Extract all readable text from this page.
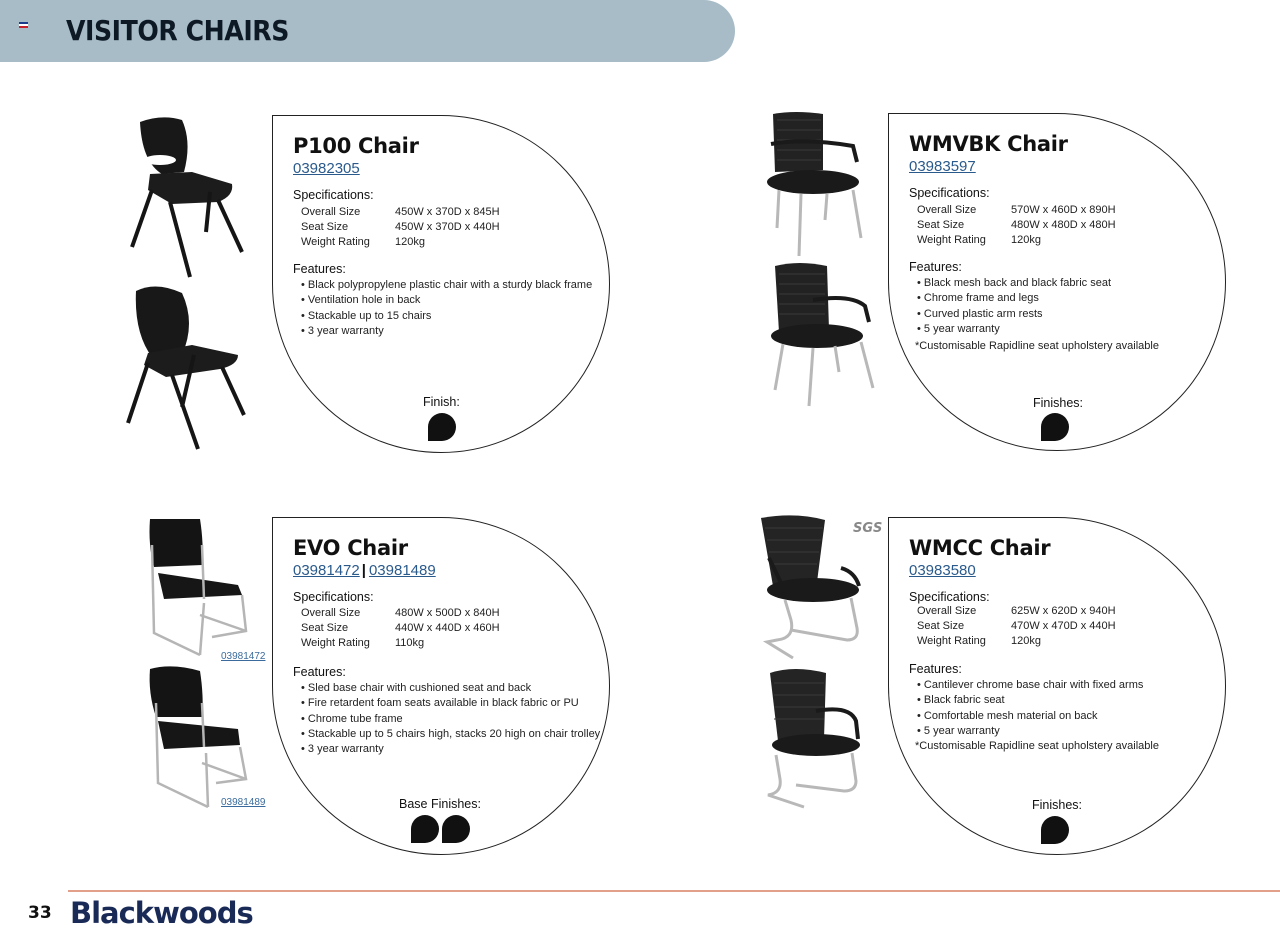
VISITOR CHAIRS
P100 Chair
03982305
Specifications:
Overall Size	450W x 370D x 845H
Seat Size	450W x 370D x 440H
Weight Rating 120kg
Features:
• Black polypropylene plastic chair with a sturdy black frame
• Ventilation hole in back
• Stackable up to 15 chairs
• 3 year warranty
Finish:
WMVBK Chair
03983597
Specifications:
Overall Size	570W x 460D x 890H
Seat Size	480W x 480D x 480H
Weight Rating 120kg
Features:
• Black mesh back and black fabric seat
• Chrome frame and legs
• Curved plastic arm rests
• 5 year warranty
*Customisable Rapidline seat upholstery available
Finishes:
03981472
03981489
EVO Chair
03981472 | 03981489
Specifications:
Overall Size	480W x 500D x 840H
Seat Size	440W x 440D x 460H
Weight Rating 110kg
Features:
• Sled base chair with cushioned seat and back
• Fire retardent foam seats available in black fabric or PU
• Chrome tube frame
• Stackable up to 5 chairs high, stacks 20 high on chair trolley
• 3 year warranty
Base Finishes:
SGS
WMCC Chair
03983580
Specifications:
Overall Size	625W x 620D x 940H
Seat Size	470W x 470D x 440H
Weight Rating 120kg
Features:
• Cantilever chrome base chair with fixed arms
• Black fabric seat
• Comfortable mesh material on back
• 5 year warranty
*Customisable Rapidline seat upholstery available
Finishes:
33 Blackwoods
